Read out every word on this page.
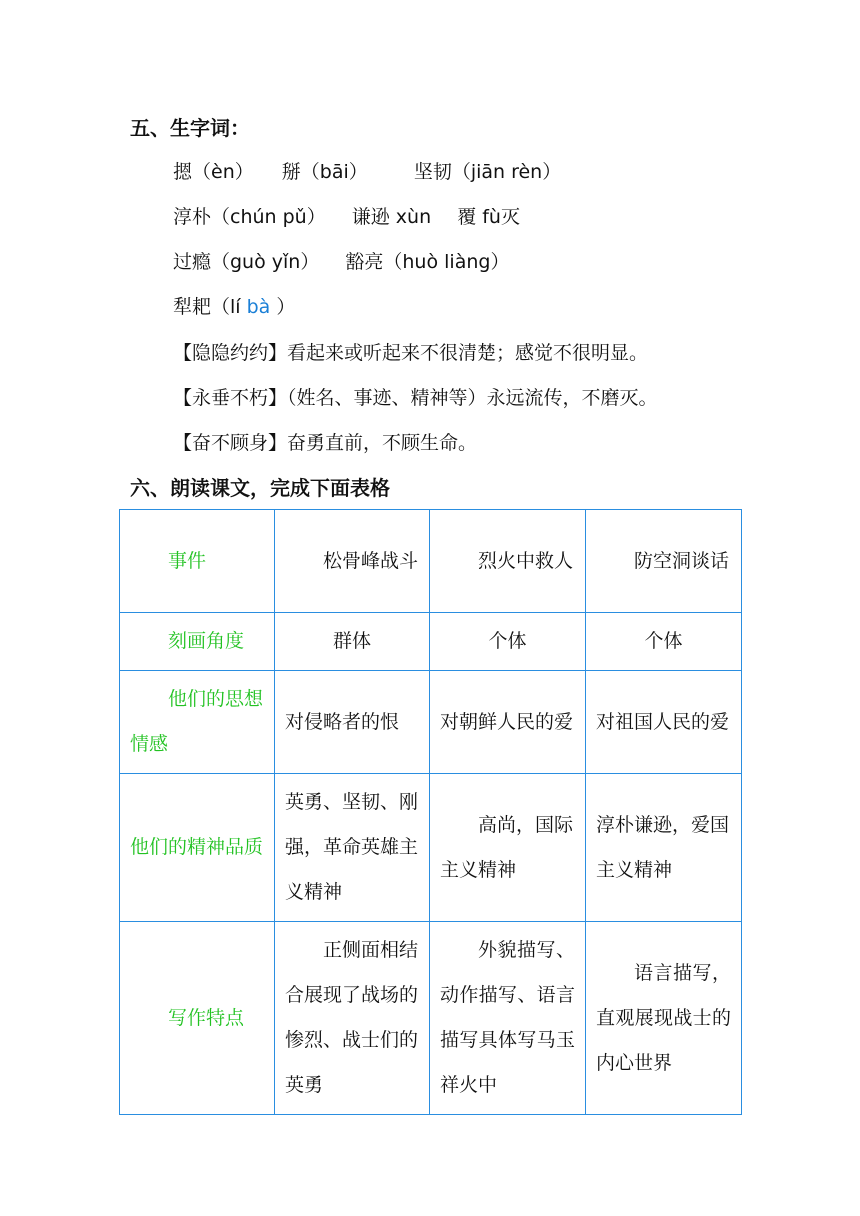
五、生字词：
摁（èn） 掰（bāi） 坚韧（jiān rèn）
淳朴（chún pǔ） 谦逊 xùn 覆 fù灭
过瘾（guò yǐn） 豁亮（huò liàng）
犁耙（lí bà ）
【隐隐约约】看起来或听起来不很清楚；感觉不很明显。
【永垂不朽】（姓名、事迹、精神等）永远流传，不磨灭。
【奋不顾身】奋勇直前，不顾生命。
六、朗读课文，完成下面表格
事件	松骨峰战斗	烈火中救人	防空洞谈话
刻画角度	群体	个体	个体
他们的思想情感	对侵略者的恨	对朝鲜人民的爱	对祖国人民的爱
他们的精神品质	英勇、坚韧、刚强，革命英雄主义精神	高尚，国际主义精神	淳朴谦逊，爱国主义精神
写作特点	正侧面相结合展现了战场的惨烈、战士们的英勇	外貌描写、动作描写、语言描写具体写马玉祥火中	语言描写，直观展现战士的内心世界
